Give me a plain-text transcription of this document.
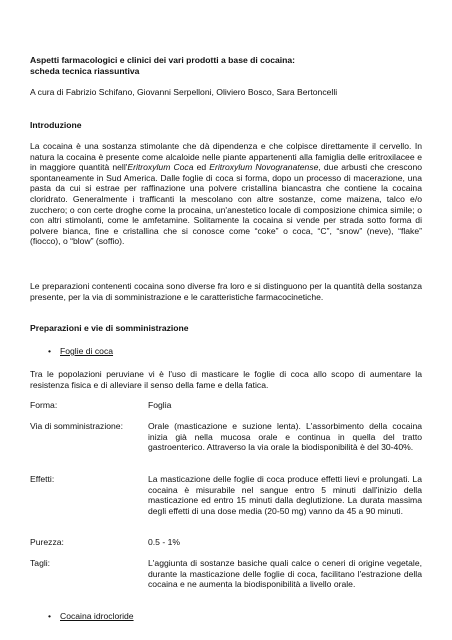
Aspetti farmacologici e clinici dei vari prodotti a base di cocaina:
scheda tecnica riassuntiva
A cura di Fabrizio Schifano, Giovanni Serpelloni, Oliviero Bosco, Sara Bertoncelli
Introduzione
La cocaina è una sostanza stimolante che dà dipendenza e che colpisce direttamente il cervello. In natura la cocaina è presente come alcaloide nelle piante appartenenti alla famiglia delle eritroxilacee e in maggiore quantità nell'Eritroxylum Coca ed Eritroxylum Novogranatense, due arbusti che crescono spontaneamente in Sud America. Dalle foglie di coca si forma, dopo un processo di macerazione, una pasta da cui si estrae per raffinazione una polvere cristallina biancastra che contiene la cocaina cloridrato. Generalmente i trafficanti la mescolano con altre sostanze, come maizena, talco e/o zucchero; o con certe droghe come la procaina, un'anestetico locale di composizione chimica simile; o con altri stimolanti, come le amfetamine. Solitamente la cocaina si vende per strada sotto forma di polvere bianca, fine e cristallina che si conosce come “coke” o coca, “C”, “snow” (neve), “flake” (fiocco), o “blow” (soffio).
Le preparazioni contenenti cocaina sono diverse fra loro e si distinguono per la quantità della sostanza presente, per la via di somministrazione e le caratteristiche farmacocinetiche.
Preparazioni e vie di somministrazione
• Foglie di coca
Tra le popolazioni peruviane vi è l'uso di masticare le foglie di coca allo scopo di aumentare la resistenza fisica e di alleviare il senso della fame e della fatica.
Forma:	Foglia
Via di somministrazione:	Orale (masticazione e suzione lenta). L'assorbimento della cocaina inizia già nella mucosa orale e continua in quella del tratto gastroenterico. Attraverso la via orale la biodisponibilità è del 30-40%.
Effetti:	La masticazione delle foglie di coca produce effetti lievi e prolungati. La cocaina è misurabile nel sangue entro 5 minuti dall'inizio della masticazione ed entro 15 minuti dalla deglutizione. La durata massima degli effetti di una dose media (20-50 mg) vanno da 45 a 90 minuti.
Purezza:	0.5 - 1%
Tagli:	L'aggiunta di sostanze basiche quali calce o ceneri di origine vegetale, durante la masticazione delle foglie di coca, facilitano l'estrazione della cocaina e ne aumenta la biodisponibilità a livello orale.
• Cocaina idrocloride
